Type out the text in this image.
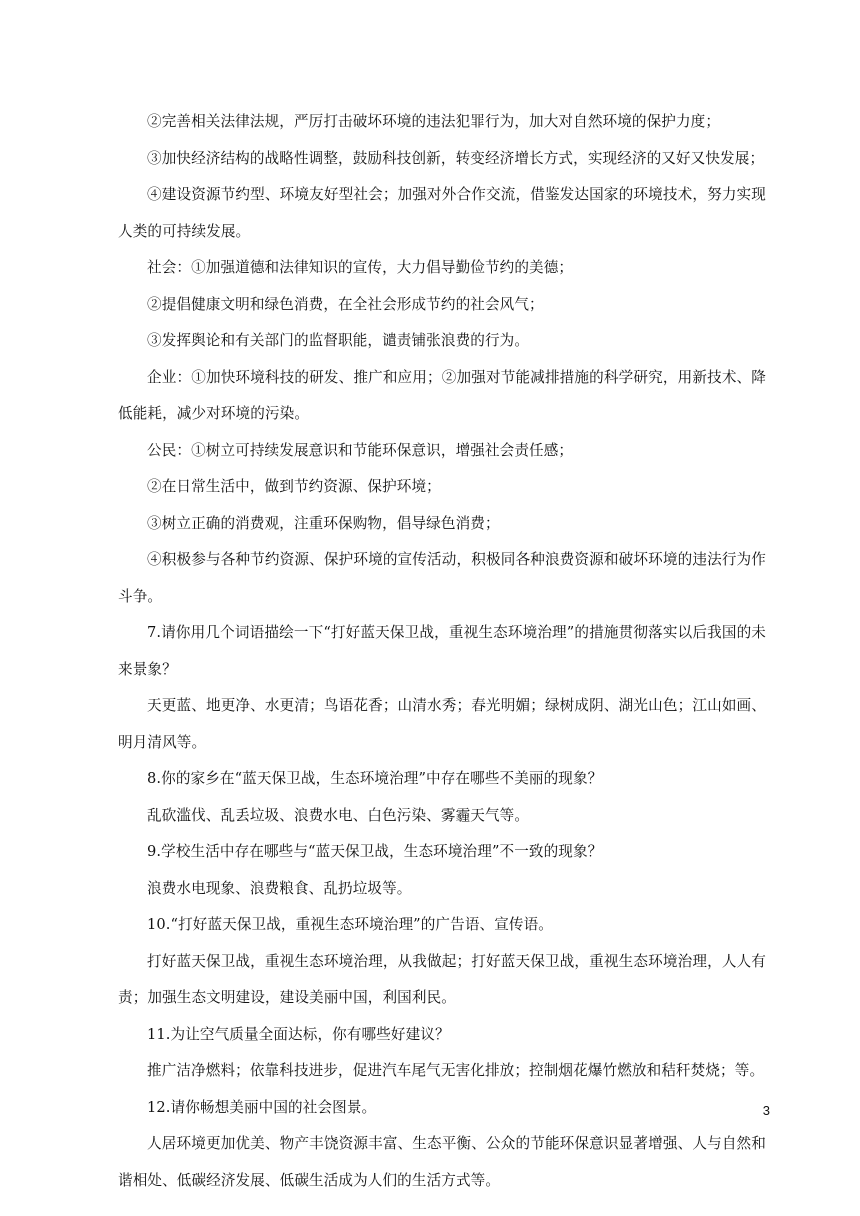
②完善相关法律法规，严厉打击破坏环境的违法犯罪行为，加大对自然环境的保护力度；

③加快经济结构的战略性调整，鼓励科技创新，转变经济增长方式，实现经济的又好又快发展；

④建设资源节约型、环境友好型社会；加强对外合作交流，借鉴发达国家的环境技术，努力实现人类的可持续发展。

社会：①加强道德和法律知识的宣传，大力倡导勤俭节约的美德；

②提倡健康文明和绿色消费，在全社会形成节约的社会风气；

③发挥舆论和有关部门的监督职能，谴责铺张浪费的行为。

企业：①加快环境科技的研发、推广和应用；②加强对节能减排措施的科学研究，用新技术、降低能耗，减少对环境的污染。

公民：①树立可持续发展意识和节能环保意识，增强社会责任感；

②在日常生活中，做到节约资源、保护环境；

③树立正确的消费观，注重环保购物，倡导绿色消费；

④积极参与各种节约资源、保护环境的宣传活动，积极同各种浪费资源和破坏环境的违法行为作斗争。

7.请你用几个词语描绘一下“打好蓝天保卫战，重视生态环境治理”的措施贯彻落实以后我国的未来景象？

天更蓝、地更净、水更清；鸟语花香；山清水秀；春光明媚；绿树成阴、湖光山色；江山如画、明月清风等。

8.你的家乡在“蓝天保卫战，生态环境治理”中存在哪些不美丽的现象？

乱砍滥伐、乱丢垃圾、浪费水电、白色污染、雾霾天气等。

9.学校生活中存在哪些与“蓝天保卫战，生态环境治理”不一致的现象？

浪费水电现象、浪费粮食、乱扔垃圾等。

10.“打好蓝天保卫战，重视生态环境治理”的广告语、宣传语。

打好蓝天保卫战，重视生态环境治理，从我做起；打好蓝天保卫战，重视生态环境治理，人人有责；加强生态文明建设，建设美丽中国，利国利民。

11.为让空气质量全面达标，你有哪些好建议？

推广洁净燃料；依靠科技进步，促进汽车尾气无害化排放；控制烟花爆竹燃放和秸秆焚烧；等。

12.请你畅想美丽中国的社会图景。

人居环境更加优美、物产丰饶资源丰富、生态平衡、公众的节能环保意识显著增强、人与自然和谐相处、低碳经济发展、低碳生活成为人们的生活方式等。

3
